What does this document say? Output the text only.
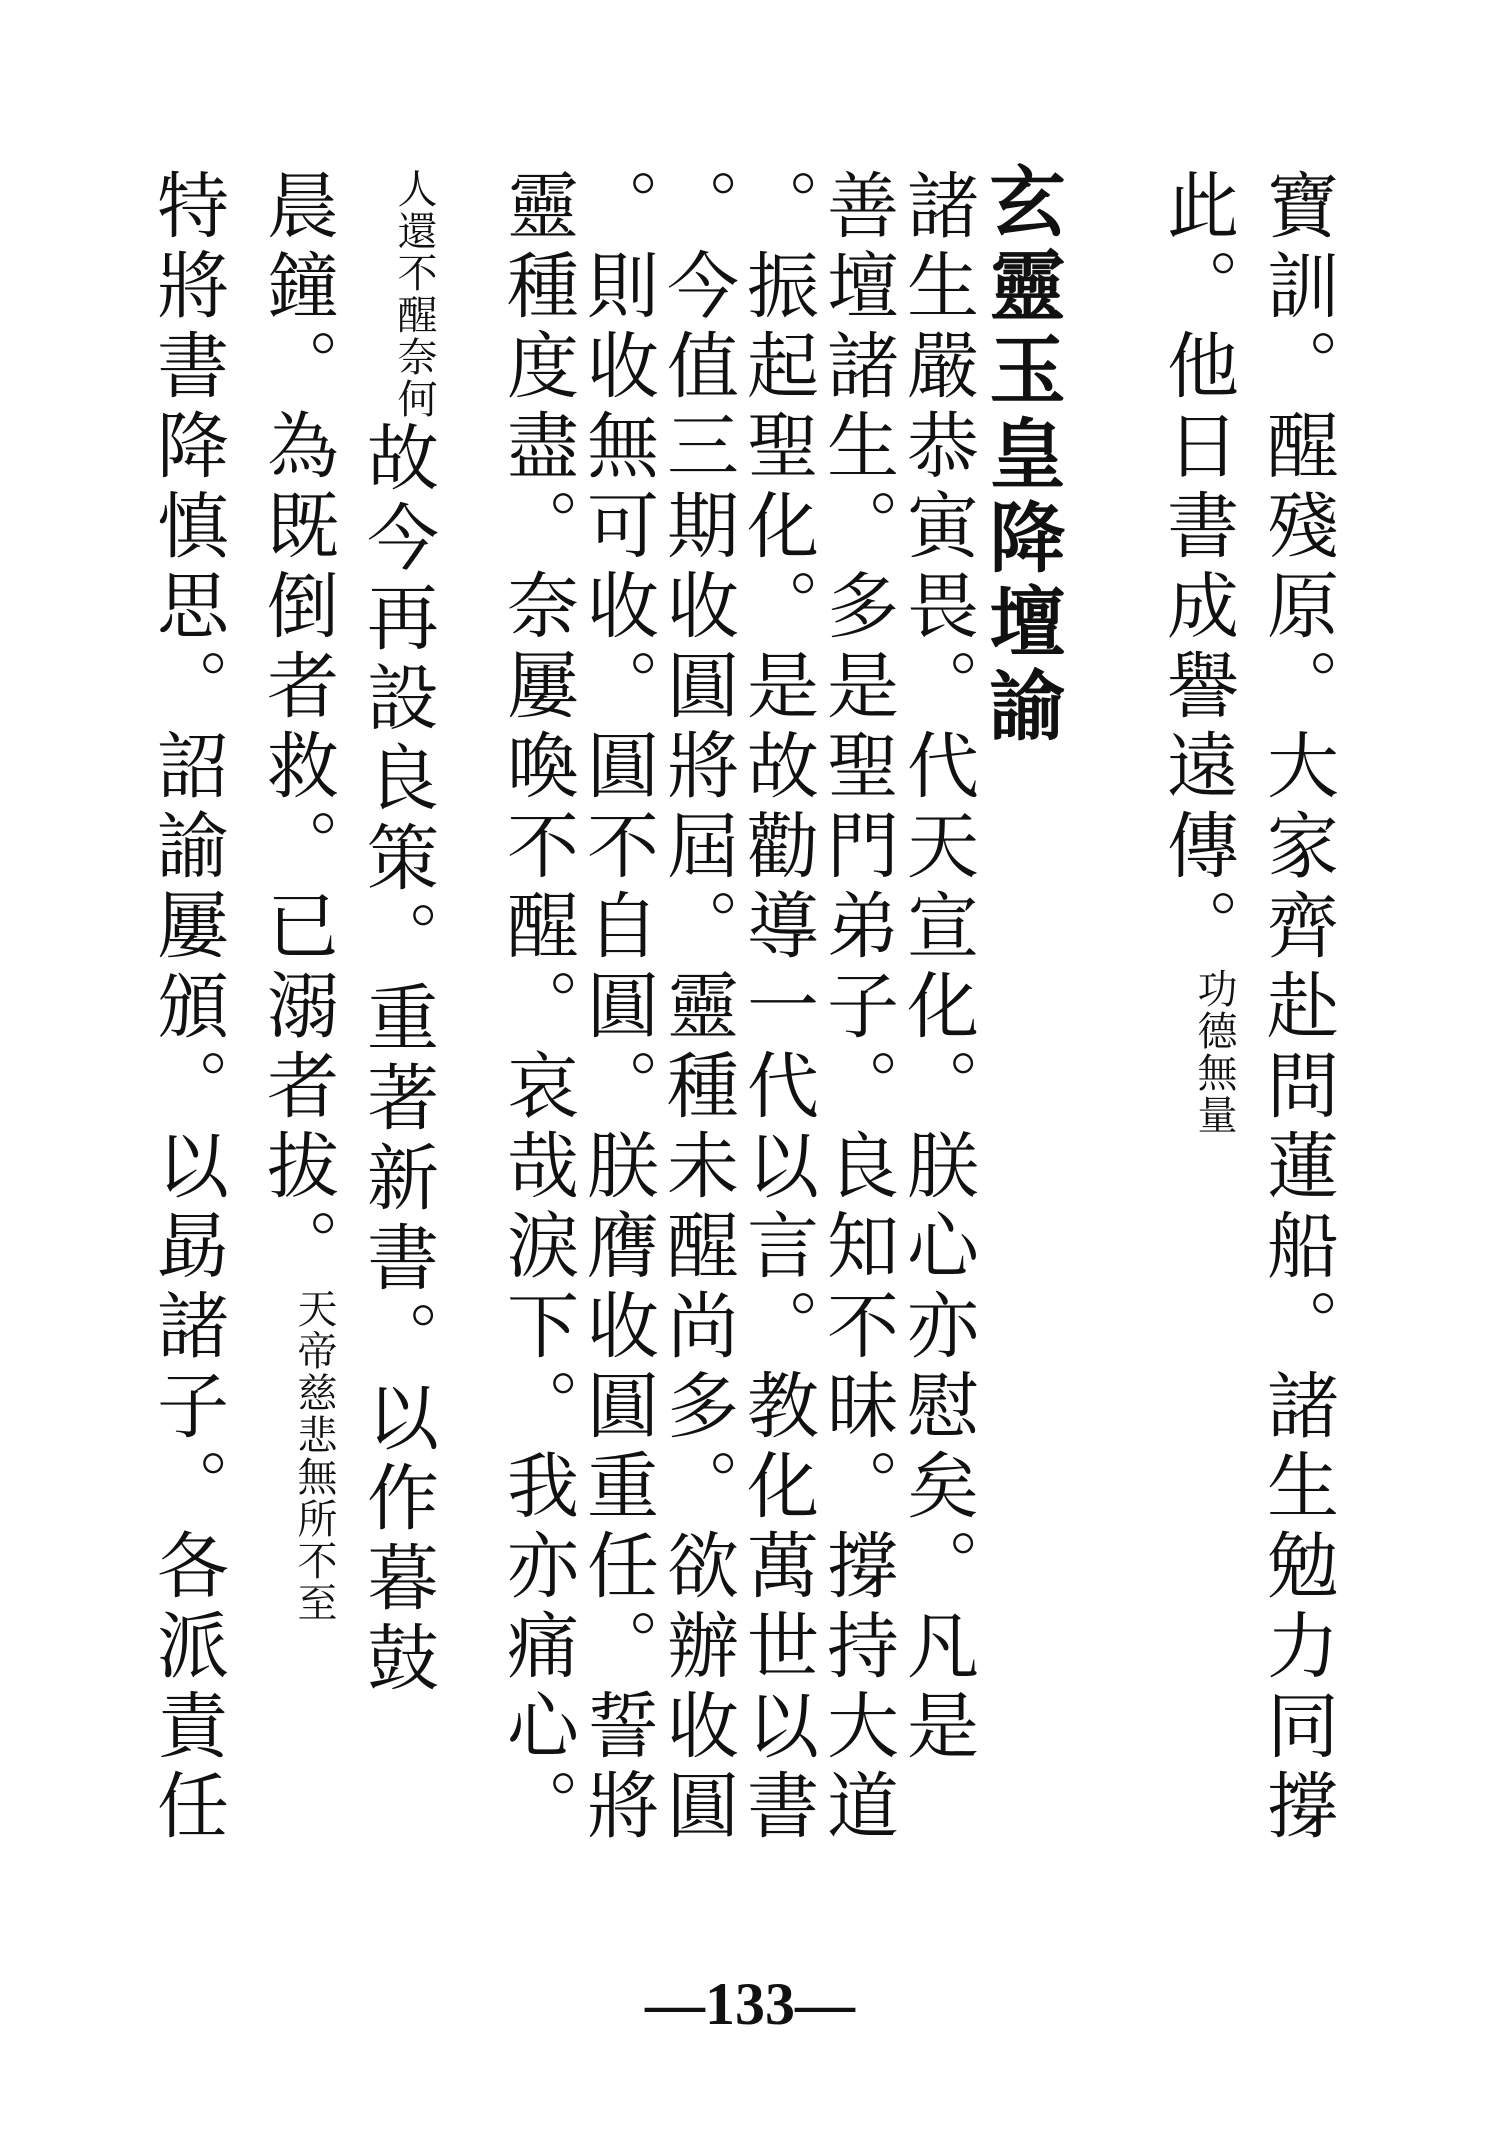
寶訓。醒殘原。大家齊赴問蓮船。諸生勉力同撐
此。他日書成譽遠傳。功德無量
玄靈玉皇降壇諭
諸生嚴恭寅畏。代天宣化。朕心亦慰矣。凡是
善壇諸生。多是聖門弟子。良知不昧。撐持大道
。振起聖化。是故勸導一代以言。教化萬世以書
。今值三期收圓將屆。靈種未醒尚多。欲辦收圓
。則收無可收。圓不自圓。朕膺收圓重任。誓將
靈種度盡。奈屢喚不醒。哀哉淚下。我亦痛心。
人還不醒奈何故今再設良策。重著新書。以作暮鼓
晨鐘。為既倒者救。已溺者拔。天帝慈悲無所不至
特將書降慎思。詔諭屢頒。以勗諸子。各派責任
—133—
